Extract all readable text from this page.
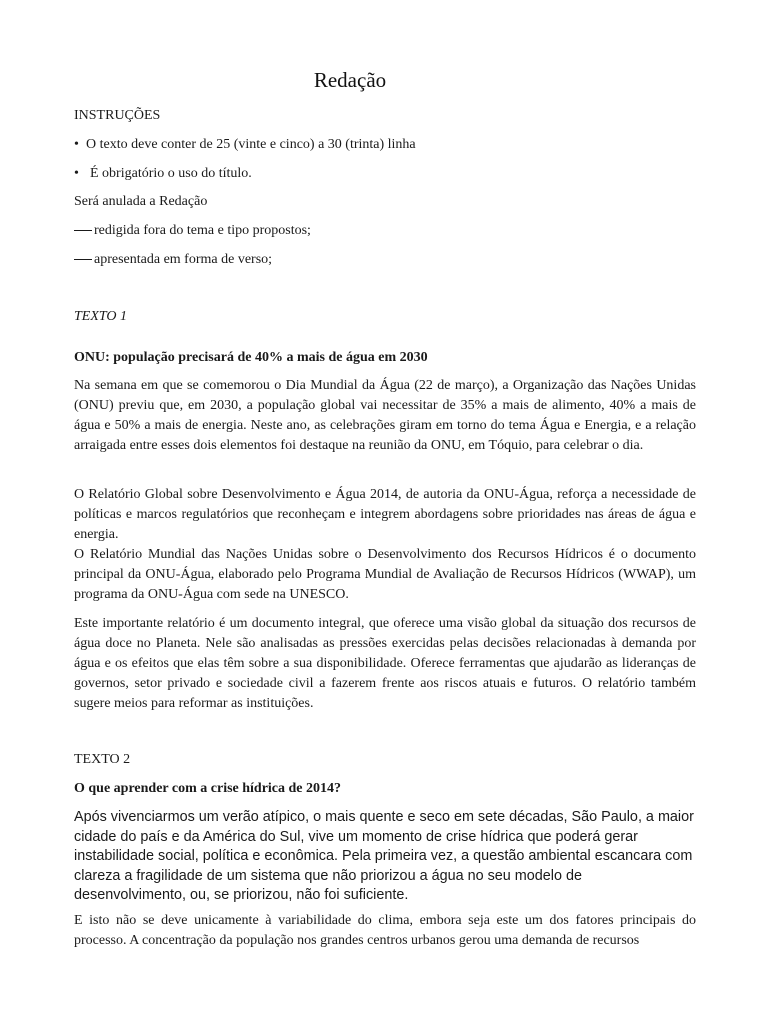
Redação
INSTRUÇÕES
• O texto deve conter de 25 (vinte e cinco) a 30 (trinta) linha
• É obrigatório o uso do título.
Será anulada a Redação
redigida fora do tema e tipo propostos;
apresentada em forma de verso;
TEXTO 1
ONU: população precisará de 40% a mais de água em 2030
Na semana em que se comemorou o Dia Mundial da Água (22 de março), a Organização das Nações Unidas (ONU) previu que, em 2030, a população global vai necessitar de 35% a mais de alimento, 40% a mais de água e 50% a mais de energia. Neste ano, as celebrações giram em torno do tema Água e Energia, e a relação arraigada entre esses dois elementos foi destaque na reunião da ONU, em Tóquio, para celebrar o dia.
O Relatório Global sobre Desenvolvimento e Água 2014, de autoria da ONU-Água, reforça a necessidade de políticas e marcos regulatórios que reconheçam e integrem abordagens sobre prioridades nas áreas de água e energia.
O Relatório Mundial das Nações Unidas sobre o Desenvolvimento dos Recursos Hídricos é o documento principal da ONU-Água, elaborado pelo Programa Mundial de Avaliação de Recursos Hídricos (WWAP), um programa da ONU-Água com sede na UNESCO.
Este importante relatório é um documento integral, que oferece uma visão global da situação dos recursos de água doce no Planeta. Nele são analisadas as pressões exercidas pelas decisões relacionadas à demanda por água e os efeitos que elas têm sobre a sua disponibilidade. Oferece ferramentas que ajudarão as lideranças de governos, setor privado e sociedade civil a fazerem frente aos riscos atuais e futuros. O relatório também sugere meios para reformar as instituições.
TEXTO 2
O que aprender com a crise hídrica de 2014?
Após vivenciarmos um verão atípico, o mais quente e seco em sete décadas, São Paulo, a maior cidade do país e da América do Sul, vive um momento de crise hídrica que poderá gerar instabilidade social, política e econômica. Pela primeira vez, a questão ambiental escancara com clareza a fragilidade de um sistema que não priorizou a água no seu modelo de desenvolvimento, ou, se priorizou, não foi suficiente.
E isto não se deve unicamente à variabilidade do clima, embora seja este um dos fatores principais do processo. A concentração da população nos grandes centros urbanos gerou uma demanda de recursos
